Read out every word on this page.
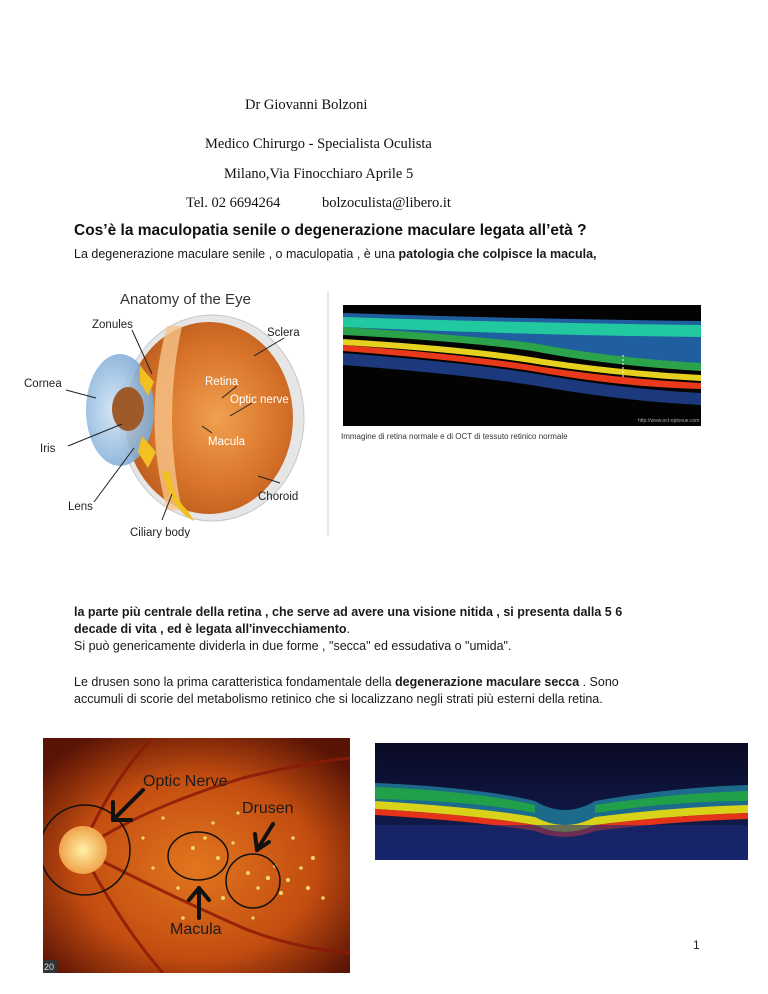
Dr Giovanni Bolzoni
Medico Chirurgo - Specialista Oculista
Milano,Via Finocchiaro Aprile 5
Tel. 02 6694264	bolzoculista@libero.it
Cos’è la maculopatia senile o degenerazione maculare legata all’età ?
La degenerazione maculare senile , o maculopatia , è una patologia che colpisce la macula,
Anatomy of the Eye
Zonules
Sclera
Cornea	Retina
Optic nerve
Macula
Iris
Choroid
Lens
Ciliary body
http://www.oct-optovue.com
Immagine di retina normale e di OCT di tessuto retinico normale
la parte più centrale della retina , che serve ad avere una visione nitida , si presenta dalla 5 6
decade di vita , ed è legata all'invecchiamento.
Si può genericamente dividerla in due forme , "secca" ed essudativa o "umida".
Le drusen sono la prima caratteristica fondamentale della degenerazione maculare secca . Sono
accumuli di scorie del metabolismo retinico che si localizzano negli strati più esterni della retina.
Optic Nerve
Drusen
Macula
20
1
